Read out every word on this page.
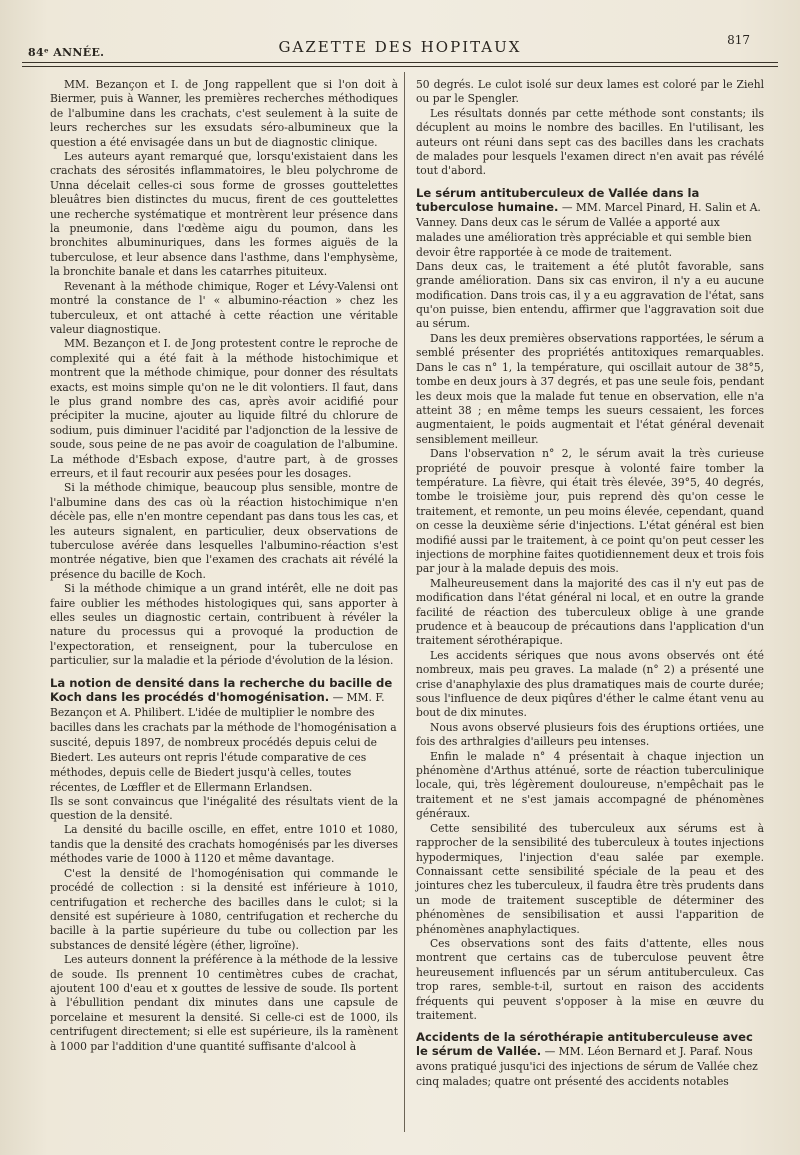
84ᵉ ANNÉE.	GAZETTE DES HOPITAUX	817

MM. Bezançon et I. de Jong rappellent que si l'on doit à Biermer, puis à Wanner, les premières recherches méthodiques de l'albumine dans les crachats, c'est seulement à la suite de leurs recherches sur les exsudats séro-albumineux que la question a été envisagée dans un but de diagnostic clinique.

Les auteurs ayant remarqué que, lorsqu'existaient dans les crachats des sérosités inflammatoires, le bleu polychrome de Unna décelait celles-ci sous forme de grosses gouttelettes bleuâtres bien distinctes du mucus, firent de ces gouttelettes une recherche systématique et montrèrent leur présence dans la pneumonie, dans l'œdème aigu du poumon, dans les bronchites albuminuriques, dans les formes aiguës de la tuberculose, et leur absence dans l'asthme, dans l'emphysème, la bronchite banale et dans les catarrhes pituiteux.

Revenant à la méthode chimique, Roger et Lévy-Valensi ont montré la constance de l' « albumino-réaction » chez les tuberculeux, et ont attaché à cette réaction une véritable valeur diagnostique.

MM. Bezançon et I. de Jong protestent contre le reproche de complexité qui a été fait à la méthode histochimique et montrent que la méthode chimique, pour donner des résultats exacts, est moins simple qu'on ne le dit volontiers. Il faut, dans le plus grand nombre des cas, après avoir acidifié pour précipiter la mucine, ajouter au liquide filtré du chlorure de sodium, puis diminuer l'acidité par l'adjonction de la lessive de soude, sous peine de ne pas avoir de coagulation de l'albumine. La méthode d'Esbach expose, d'autre part, à de grosses erreurs, et il faut recourir aux pesées pour les dosages.

Si la méthode chimique, beaucoup plus sensible, montre de l'albumine dans des cas où la réaction histochimique n'en décèle pas, elle n'en montre cependant pas dans tous les cas, et les auteurs signalent, en particulier, deux observations de tuberculose avérée dans lesquelles l'albumino-réaction s'est montrée négative, bien que l'examen des crachats ait révélé la présence du bacille de Koch.

Si la méthode chimique a un grand intérêt, elle ne doit pas faire oublier les méthodes histologiques qui, sans apporter à elles seules un diagnostic certain, contribuent à révéler la nature du processus qui a provoqué la production de l'expectoration, et renseignent, pour la tuberculose en particulier, sur la maladie et la période d'évolution de la lésion.

La notion de densité dans la recherche du bacille de Koch dans les procédés d'homogénisation. — MM. F. Bezançon et A. Philibert. L'idée de multiplier le nombre des bacilles dans les crachats par la méthode de l'homogénisation a suscité, depuis 1897, de nombreux procédés depuis celui de Biedert. Les auteurs ont repris l'étude comparative de ces méthodes, depuis celle de Biedert jusqu'à celles, toutes récentes, de Lœffler et de Ellermann Erlandsen.

Ils se sont convaincus que l'inégalité des résultats vient de la question de la densité.

La densité du bacille oscille, en effet, entre 1010 et 1080, tandis que la densité des crachats homogénisés par les diverses méthodes varie de 1000 à 1120 et même davantage.

C'est la densité de l'homogénisation qui commande le procédé de collection : si la densité est inférieure à 1010, centrifugation et recherche des bacilles dans le culot; si la densité est supérieure à 1080, centrifugation et recherche du bacille à la partie supérieure du tube ou collection par les substances de densité légère (éther, ligroïne).

Les auteurs donnent la préférence à la méthode de la lessive de soude. Ils prennent 10 centimètres cubes de crachat, ajoutent 100 d'eau et x gouttes de lessive de soude. Ils portent à l'ébullition pendant dix minutes dans une capsule de porcelaine et mesurent la densité. Si celle-ci est de 1000, ils centrifugent directement; si elle est supérieure, ils la ramènent à 1000 par l'addition d'une quantité suffisante d'alcool à

50 degrés. Le culot isolé sur deux lames est coloré par le Ziehl ou par le Spengler.

Les résultats donnés par cette méthode sont constants; ils décuplent au moins le nombre des bacilles. En l'utilisant, les auteurs ont réuni dans sept cas des bacilles dans les crachats de malades pour lesquels l'examen direct n'en avait pas révélé tout d'abord.

Le sérum antituberculeux de Vallée dans la tuberculose humaine. — MM. Marcel Pinard, H. Salin et A. Vanney. Dans deux cas le sérum de Vallée a apporté aux malades une amélioration très appréciable et qui semble bien devoir être rapportée à ce mode de traitement.

Dans deux cas, le traitement a été plutôt favorable, sans grande amélioration. Dans six cas environ, il n'y a eu aucune modification. Dans trois cas, il y a eu aggravation de l'état, sans qu'on puisse, bien entendu, affirmer que l'aggravation soit due au sérum.

Dans les deux premières observations rapportées, le sérum a semblé présenter des propriétés antitoxiques remarquables. Dans le cas n° 1, la température, qui oscillait autour de 38°5, tombe en deux jours à 37 degrés, et pas une seule fois, pendant les deux mois que la malade fut tenue en observation, elle n'a atteint 38 ; en même temps les sueurs cessaient, les forces augmentaient, le poids augmentait et l'état général devenait sensiblement meilleur.

Dans l'observation n° 2, le sérum avait la très curieuse propriété de pouvoir presque à volonté faire tomber la température. La fièvre, qui était très élevée, 39°5, 40 degrés, tombe le troisième jour, puis reprend dès qu'on cesse le traitement, et remonte, un peu moins élevée, cependant, quand on cesse la deuxième série d'injections. L'état général est bien modifié aussi par le traitement, à ce point qu'on peut cesser les injections de morphine faites quotidiennement deux et trois fois par jour à la malade depuis des mois.

Malheureusement dans la majorité des cas il n'y eut pas de modification dans l'état général ni local, et en outre la grande facilité de réaction des tuberculeux oblige à une grande prudence et à beaucoup de précautions dans l'application d'un traitement sérothérapique.

Les accidents sériques que nous avons observés ont été nombreux, mais peu graves. La malade (n° 2) a présenté une crise d'anaphylaxie des plus dramatiques mais de courte durée; sous l'influence de deux piqûres d'éther le calme étant venu au bout de dix minutes.

Nous avons observé plusieurs fois des éruptions ortiées, une fois des arthralgies d'ailleurs peu intenses.

Enfin le malade n° 4 présentait à chaque injection un phénomène d'Arthus atténué, sorte de réaction tuberculinique locale, qui, très légèrement douloureuse, n'empêchait pas le traitement et ne s'est jamais accompagné de phénomènes généraux.

Cette sensibilité des tuberculeux aux sérums est à rapprocher de la sensibilité des tuberculeux à toutes injections hypodermiques, l'injection d'eau salée par exemple. Connaissant cette sensibilité spéciale de la peau et des jointures chez les tuberculeux, il faudra être très prudents dans un mode de traitement susceptible de déterminer des phénomènes de sensibilisation et aussi l'apparition de phénomènes anaphylactiques.

Ces observations sont des faits d'attente, elles nous montrent que certains cas de tuberculose peuvent être heureusement influencés par un sérum antituberculeux. Cas trop rares, semble-t-il, surtout en raison des accidents fréquents qui peuvent s'opposer à la mise en œuvre du traitement.

Accidents de la sérothérapie antituberculeuse avec le sérum de Vallée. — MM. Léon Bernard et J. Paraf. Nous avons pratiqué jusqu'ici des injections de sérum de Vallée chez cinq malades; quatre ont présenté des accidents notables
